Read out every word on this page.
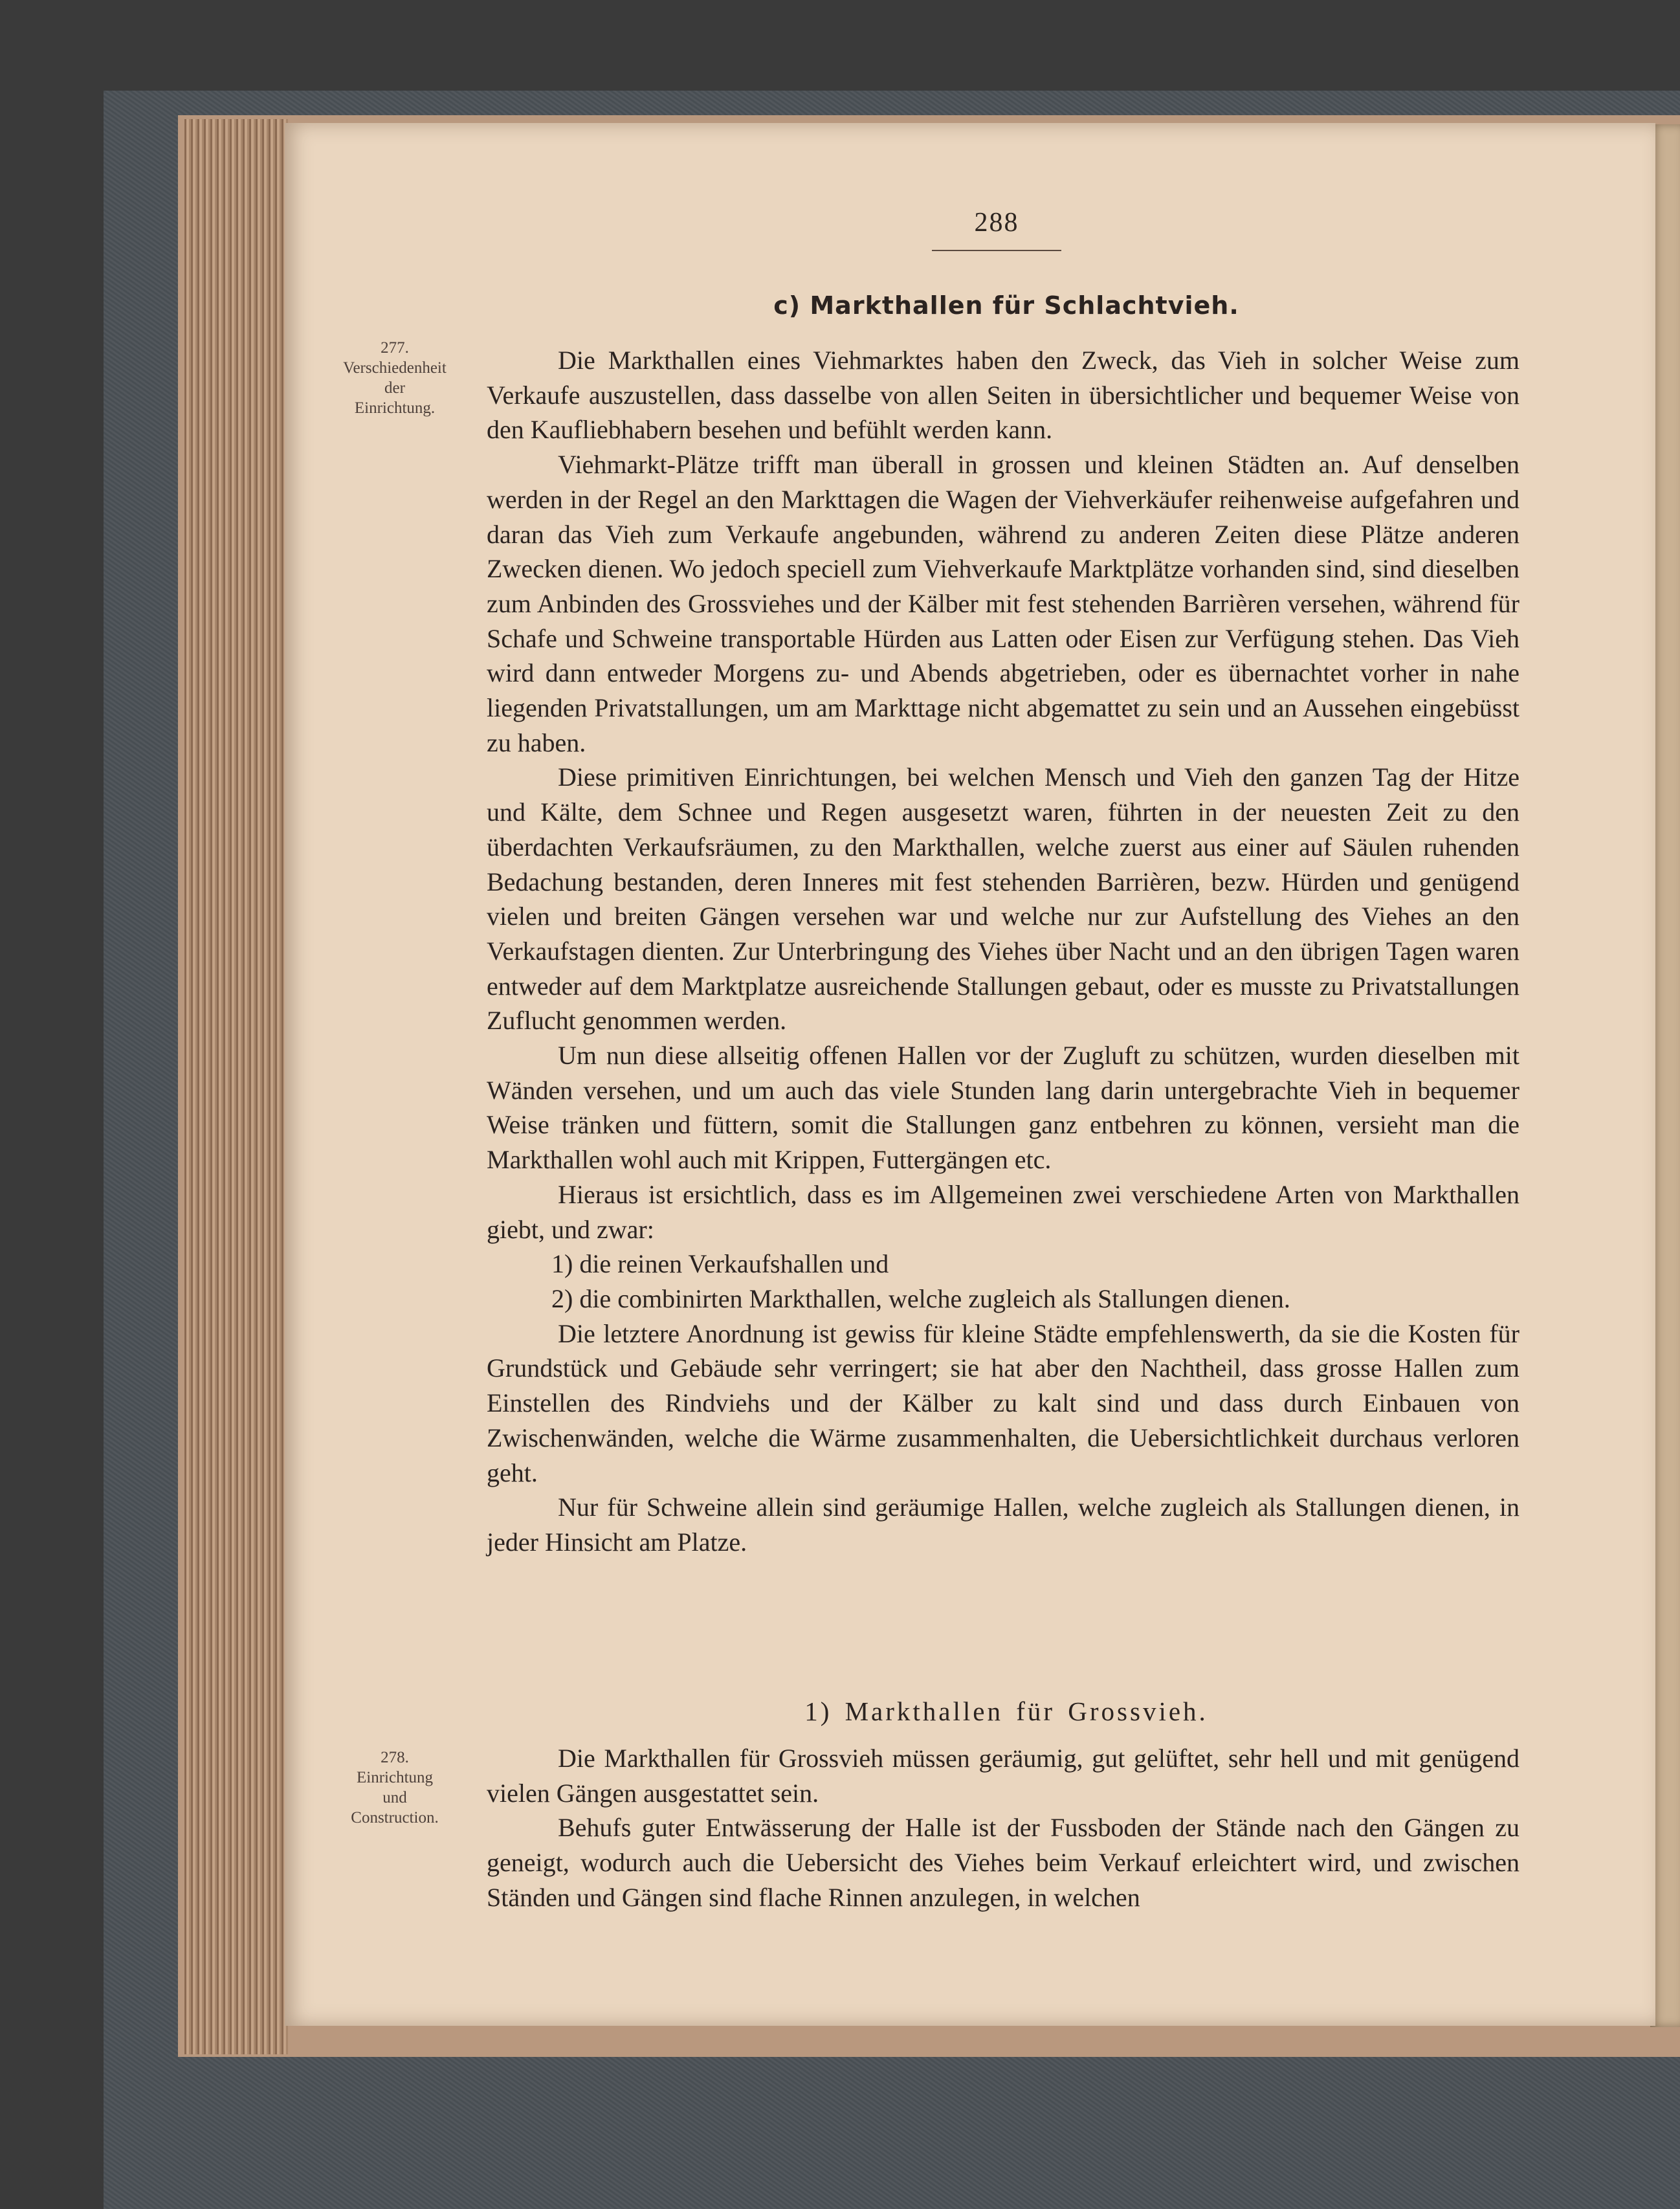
288
c) Markthallen für Schlachtvieh.
277.
Verschiedenheit
der
Einrichtung.

Die Markthallen eines Viehmarktes haben den Zweck, das Vieh in solcher Weise zum Verkaufe auszustellen, dass dasselbe von allen Seiten in übersichtlicher und bequemer Weise von den Kaufliebhabern besehen und befühlt werden kann.

Viehmarkt-Plätze trifft man überall in grossen und kleinen Städten an. Auf denselben werden in der Regel an den Markttagen die Wagen der Viehverkäufer reihenweise aufgefahren und daran das Vieh zum Verkaufe angebunden, während zu anderen Zeiten diese Plätze anderen Zwecken dienen. Wo jedoch speciell zum Viehverkaufe Marktplätze vorhanden sind, sind dieselben zum Anbinden des Grossviehes und der Kälber mit fest stehenden Barrièren versehen, während für Schafe und Schweine transportable Hürden aus Latten oder Eisen zur Verfügung stehen. Das Vieh wird dann entweder Morgens zu- und Abends abgetrieben, oder es übernachtet vorher in nahe liegenden Privatstallungen, um am Markttage nicht abgemattet zu sein und an Aussehen eingebüsst zu haben.

Diese primitiven Einrichtungen, bei welchen Mensch und Vieh den ganzen Tag der Hitze und Kälte, dem Schnee und Regen ausgesetzt waren, führten in der neuesten Zeit zu den überdachten Verkaufsräumen, zu den Markthallen, welche zuerst aus einer auf Säulen ruhenden Bedachung bestanden, deren Inneres mit fest stehenden Barrièren, bezw. Hürden und genügend vielen und breiten Gängen versehen war und welche nur zur Aufstellung des Viehes an den Verkaufstagen dienten. Zur Unterbringung des Viehes über Nacht und an den übrigen Tagen waren entweder auf dem Marktplatze ausreichende Stallungen gebaut, oder es musste zu Privatstallungen Zuflucht genommen werden.

Um nun diese allseitig offenen Hallen vor der Zugluft zu schützen, wurden dieselben mit Wänden versehen, und um auch das viele Stunden lang darin untergebrachte Vieh in bequemer Weise tränken und füttern, somit die Stallungen ganz entbehren zu können, versieht man die Markthallen wohl auch mit Krippen, Futtergängen etc.

Hieraus ist ersichtlich, dass es im Allgemeinen zwei verschiedene Arten von Markthallen giebt, und zwar:

1) die reinen Verkaufshallen und

2) die combinirten Markthallen, welche zugleich als Stallungen dienen.

Die letztere Anordnung ist gewiss für kleine Städte empfehlenswerth, da sie die Kosten für Grundstück und Gebäude sehr verringert; sie hat aber den Nachtheil, dass grosse Hallen zum Einstellen des Rindviehs und der Kälber zu kalt sind und dass durch Einbauen von Zwischenwänden, welche die Wärme zusammenhalten, die Uebersichtlichkeit durchaus verloren geht.

Nur für Schweine allein sind geräumige Hallen, welche zugleich als Stallungen dienen, in jeder Hinsicht am Platze.

1) Markthallen für Grossvieh.
278.
Einrichtung
und
Construction.

Die Markthallen für Grossvieh müssen geräumig, gut gelüftet, sehr hell und mit genügend vielen Gängen ausgestattet sein.

Behufs guter Entwässerung der Halle ist der Fussboden der Stände nach den Gängen zu geneigt, wodurch auch die Uebersicht des Viehes beim Verkauf erleichtert wird, und zwischen Ständen und Gängen sind flache Rinnen anzulegen, in welchen
